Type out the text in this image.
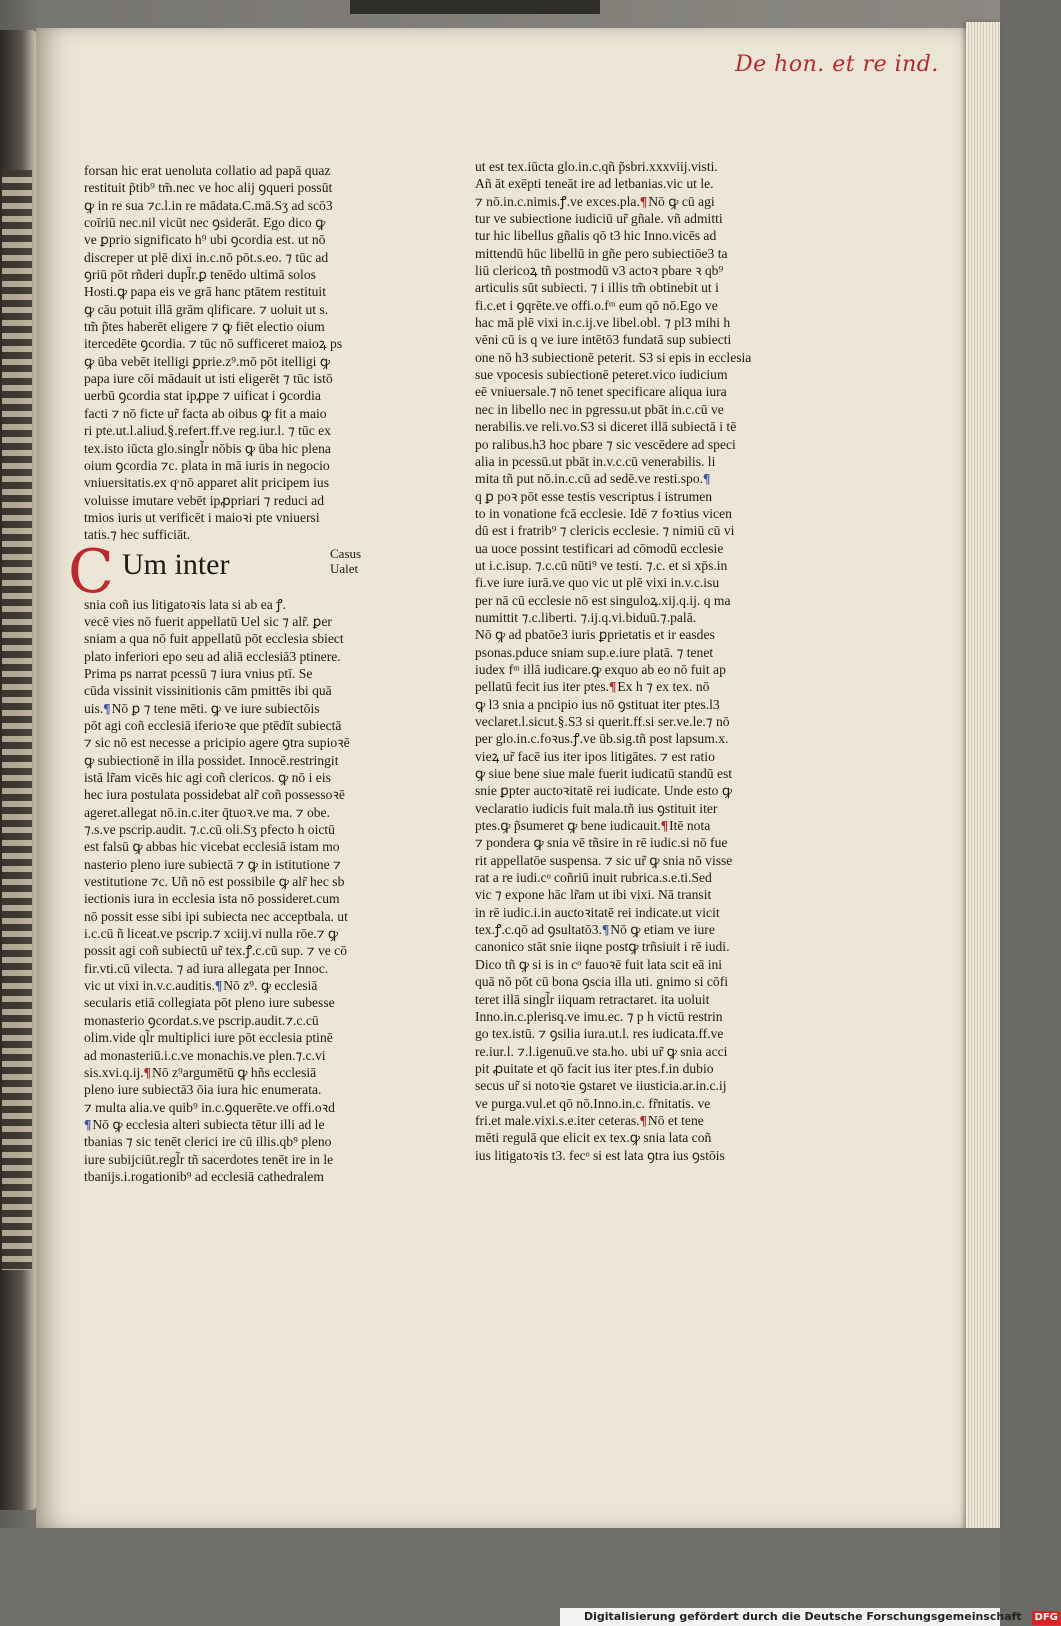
De hon. et re ind.
forsan hic erat uenoluta collatio ad papā quaz
restituit p̃tib⁹ tm̃.nec ve hoc alij ꝯqueri possūt
ꝙ in re sua ⁊c.l.in re mādata.C.mā.Sʒ ad scō3
coīriū nec.nil vicūt nec ꝯsiderāt. Ego dico ꝙ
ve ꝑprio significato h⁹ ubi ꝯcordia est. ut nō
discreper ut plē dixi in.c.nō pōt.s.eo. ⁊ tūc ad
ꝯriū pōt rñderi dupl̃r.ꝑ tenēdo ultimā solos
Hosti.ꝙ papa eis ve grā hanc ptātem restituit
ꝙ cāu potuit illā grām qlificare. ⁊ uoluit ut s.
tm̃ p̃tes haberēt eligere ⁊ ꝙ fiēt electio oium
itercedēte ꝯcordia. ⁊ tūc nō sufficeret maioꝝ ps
ꝙ ūba vebēt itelligi ꝑprie.z⁹.mō pōt itelligi ꝙ
papa iure cōi mādauit ut isti eligerēt ⁊ tūc istō
uerbū ꝯcordia stat ipꝓpe ⁊ uificat i ꝯcordia
facti ⁊ nō ficte ur̃ facta ab oibus ꝙ fit a maio
ri pte.ut.l.aliud.§.refert.ff.ve reg.iur.l. ⁊ tūc ex
tex.isto iūcta glo.singl̃r nōbis ꝙ ūba hic plena
oium ꝯcordia ⁊c. plata in mā iuris in negocio
vniuersitatis.ex qͦ nō apparet alit pricipem ius
voluisse imutare vebēt ipꝓpriari ⁊ reduci ad
tmios iuris ut verificēt i maioꝛi pte vniuersi
tatis.⁊ hec sufficiāt.
C Um inter	Casus
Ualet
snia coñ ius litigatoꝛis lata si ab ea ꝭ.
vecē vies nō fuerit appellatū Uel sic ⁊ alr̃. ꝑer
sniam a qua nō fuit appellatū pōt ecclesia sbiect
plato inferiori epo seu ad aliā ecclesiā3 ptinere.
Prima ps narrat pcessū ⁊ iura vnius ptī. Se
cūda vissinit vissinitionis cām pmittēs ibi quā
uis.¶Nō ꝑ ⁊ tene mēti. ꝙ ve iure subiectōis
pōt agi coñ ecclesiā iferioꝛe que ptēdīt subiectā
⁊ sic nō est necesse a pricipio agere ꝯtra supioꝛē
ꝙ subiectionē in illa possidet. Innocē.restringit
istā lr̃am vicēs hic agi coñ clericos. ꝙ nō i eis
hec iura postulata possidebat alr̃ coñ possessoꝛē
ageret.allegat nō.in.c.iter q̄tuoꝛ.ve ma. ⁊ obe.
⁊.s.ve pscrip.audit. ⁊.c.cū oli.Sʒ pfecto h oictū
est falsū ꝙ abbas hic vicebat ecclesiā istam mo
nasterio pleno iure subiectā ⁊ ꝙ in istitutione ⁊
vestitutione ⁊c. Uñ nō est possibile ꝙ alr̃ hec sb
iectionis iura in ecclesia ista nō possideret.cum
nō possit esse sibi ipi subiecta nec acceptbala. ut
i.c.cū ñ liceat.ve pscrip.⁊ xciij.vi nulla rōe.⁊ ꝙ
possit agi coñ subiectū ur̃ tex.ꝭ.c.cū sup. ⁊ ve cō
fir.vti.cū vilecta. ⁊ ad iura allegata per Innoc.
vic ut vixi in.v.c.auditis.¶Nō z⁹. ꝙ ecclesiā
secularis etiā collegiata pōt pleno iure subesse
monasterio ꝯcordat.s.ve pscrip.audit.⁊.c.cū
olim.vide ql̃r multiplici iure pōt ecclesia ptinē
ad monasteriū.i.c.ve monachis.ve plen.⁊.c.vi
sis.xvi.q.ij.¶Nō z⁹argumētū ꝙ hñs ecclesiā
pleno iure subiectā3 ōia iura hic enumerata.
⁊ multa alia.ve quib⁹ in.c.ꝯquerēte.ve offi.oꝛd
¶Nō ꝙ ecclesia alteri subiecta tētur illi ad le
tbanias ⁊ sic tenēt clerici ire cū illis.qb⁹ pleno
iure subijciūt.regl̃r tñ sacerdotes tenēt ire in le
tbanijs.i.rogationib⁹ ad ecclesiā cathedralem
ut est tex.iūcta glo.in.c.qñ p̃sbri.xxxviij.visti.
Añ āt exēpti teneāt ire ad letbanias.vic ut le.
⁊ nō.in.c.nimis.ꝭ.ve exces.pla.¶Nō ꝙ cū agi
tur ve subiectione iudiciū ur̃ gñale. vñ admitti
tur hic libellus gñalis qō t3 hic Inno.vicēs ad
mittendū hūc libellū in gñe pero subiectiōe3 ta
liū clericoꝝ tñ postmodū v3 actoꝛ pbare ꝛ qb⁹
articulis sūt subiecti. ⁊ i illis tm̃ obtinebit ut i
fi.c.et i ꝯqrēte.ve offi.o.fᵐ eum qō nō.Ego ve
hac mā plē vixi in.c.ij.ve libel.obl. ⁊ pl3 mihi h
vēni cū is q ve iure intētō3 fundatā sup subiecti
one nō h3 subiectionē peterit. S3 si epis in ecclesia
sue vpocesis subiectionē peteret.vico iudicium
eē vniuersale.⁊ nō tenet specificare aliqua iura
nec in libello nec in pgressu.ut pbāt in.c.cū ve
nerabilis.ve reli.vo.S3 si diceret illā subiectā i tē
po ralibus.h3 hoc pbare ⁊ sic vescēdere ad speci
alia in pcessū.ut pbāt in.v.c.cū venerabilis. li
mita tñ put nō.in.c.cū ad sedē.ve resti.spo.¶
q ꝑ poꝛ pōt esse testis vescriptus i istrumen
to in vonatione fcā ecclesie. Idē ⁊ foꝛtius vicen
dū est i fratrib⁹ ⁊ clericis ecclesie. ⁊ nimiū cū vi
ua uoce possint testificari ad cōmodū ecclesie
ut i.c.isup. ⁊.c.cū nūti⁹ ve testi. ⁊.c. et si xp̄s.in
fi.ve iure iurā.ve quo vic ut plē vixi in.v.c.isu
per nā cū ecclesie nō est singuloꝝ.xij.q.ij. q ma
numittit ⁊.c.liberti. ⁊.ij.q.vi.biduū.⁊.palā.
Nō ꝙ ad pbatōe3 iuris ꝑprietatis et ir easdes
psonas.pduce sniam sup.e.iure platā. ⁊ tenet
iudex fᵐ illā iudicare.ꝙ exquo ab eo nō fuit ap
pellatū fecit ius iter ptes.¶Ex h ⁊ ex tex. nō
ꝙ l3 snia a pncipio ius nō ꝯstituat iter ptes.l3
veclaret.l.sicut.§.S3 si querit.ff.si ser.ve.le.⁊ nō
per glo.in.c.foꝛus.ꝭ.ve ūb.sig.tñ post lapsum.x.
vieꝝ ur̃ facē ius iter ipos litigātes. ⁊ est ratio
ꝙ siue bene siue male fuerit iudicatū standū est
snie ꝑpter auctoꝛitatē rei iudicate. Unde esto ꝙ
veclaratio iudicis fuit mala.tñ ius ꝯstituit iter
ptes.ꝙ p̃sumeret ꝙ bene iudicauit.¶Itē nota
⁊ pondera ꝙ snia vē tñsire in rē iudic.si nō fue
rit appellatōe suspensa. ⁊ sic ur̃ ꝙ snia nō visse
rat a re iudi.cᵒ coñriū inuit rubrica.s.e.ti.Sed
vic ⁊ expone hāc lr̃am ut ibi vixi. Nā transit
in rē iudic.i.in auctoꝛitatē rei indicate.ut vicit
tex.ꝭ.c.qō ad ꝯsultatō3.¶Nō ꝙ etiam ve iure
canonico stāt snie iiqne postꝙ trñsiuit i rē iudi.
Dico tñ ꝙ si is in cᵒ fauoꝛē fuit lata scit eā ini
quā nō pōt cū bona ꝯscia illa uti. gnimo si cōfi
teret illā singl̃r iiquam retractaret. ita uoluit
Inno.in.c.plerisq.ve imu.ec. ⁊ p h victū restrin
go tex.istū. ⁊ ꝯsilia iura.ut.l. res iudicata.ff.ve
re.iur.l. ⁊.l.igenuū.ve sta.ho. ubi ur̃ ꝙ snia acci
pit ꝓuitate et qō facit ius iter ptes.f.in dubio
secus ur̃ si notoꝛie ꝯstaret ve iiusticia.ar.in.c.ij
ve purga.vul.et qō nō.Inno.in.c. fr̃nitatis. ve
fri.et male.vixi.s.e.iter ceteras.¶Nō et tene
mēti regulā que elicit ex tex.ꝙ snia lata coñ
ius litigatoꝛis t3. fecᵒ si est lata ꝯtra ius ꝯstōis
Digitalisierung gefördert durch die Deutsche Forschungsgemeinschaft DFG
